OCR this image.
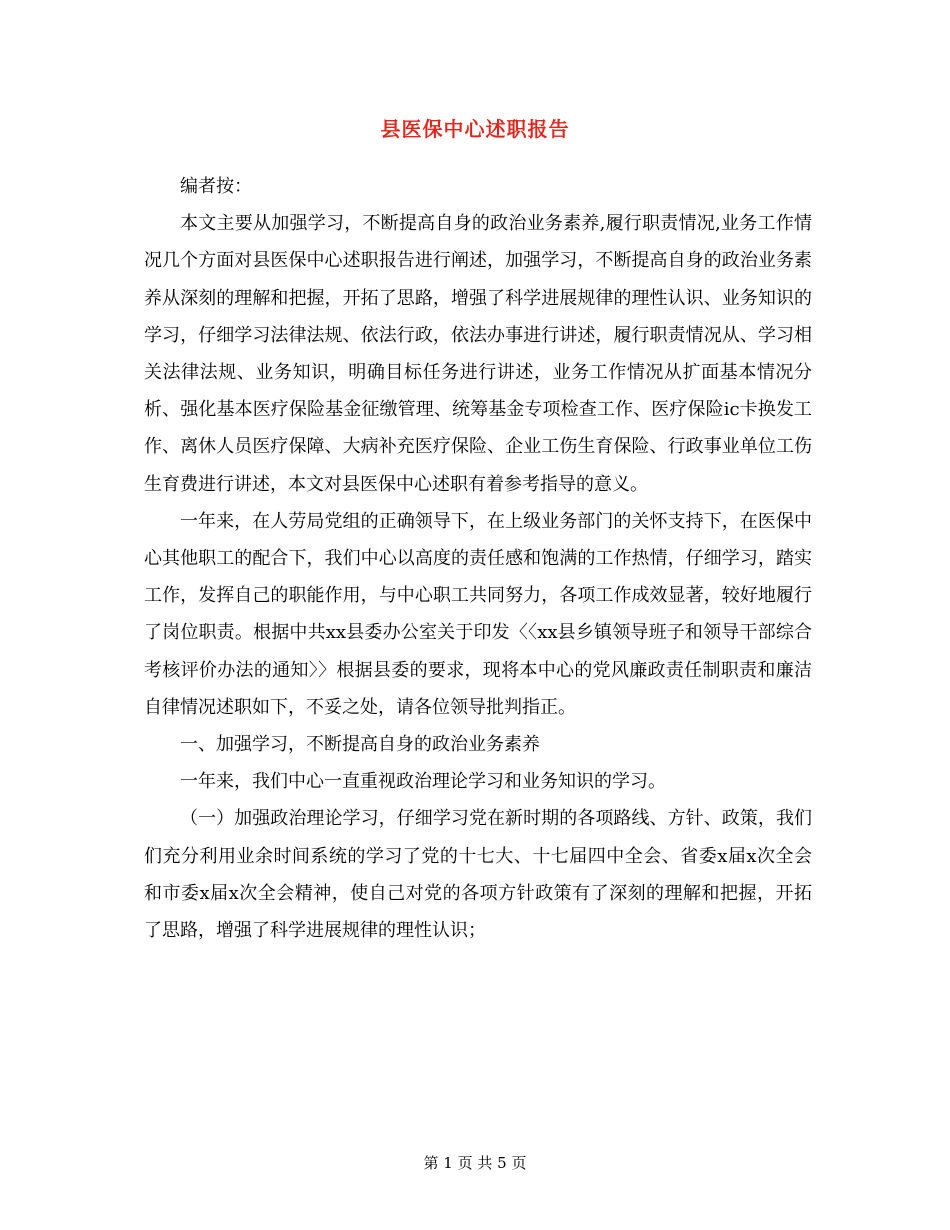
县医保中心述职报告

编者按：

本文主要从加强学习，不断提高自身的政治业务素养,履行职责情况,业务工作情况几个方面对县医保中心述职报告进行阐述，加强学习，不断提高自身的政治业务素养从深刻的理解和把握，开拓了思路，增强了科学进展规律的理性认识、业务知识的学习，仔细学习法律法规、依法行政，依法办事进行讲述，履行职责情况从、学习相关法律法规、业务知识，明确目标任务进行讲述，业务工作情况从扩面基本情况分析、强化基本医疗保险基金征缴管理、统筹基金专项检查工作、医疗保险ic卡换发工作、离休人员医疗保障、大病补充医疗保险、企业工伤生育保险、行政事业单位工伤生育费进行讲述，本文对县医保中心述职有着参考指导的意义。

一年来，在人劳局党组的正确领导下，在上级业务部门的关怀支持下，在医保中心其他职工的配合下，我们中心以高度的责任感和饱满的工作热情，仔细学习，踏实工作，发挥自己的职能作用，与中心职工共同努力，各项工作成效显著，较好地履行了岗位职责。根据中共xx县委办公室关于印发〈〈xx县乡镇领导班子和领导干部综合考核评价办法的通知〉〉根据县委的要求，现将本中心的党风廉政责任制职责和廉洁自律情况述职如下，不妥之处，请各位领导批判指正。

一、加强学习，不断提高自身的政治业务素养

一年来，我们中心一直重视政治理论学习和业务知识的学习。

（一）加强政治理论学习，仔细学习党在新时期的各项路线、方针、政策，我们们充分利用业余时间系统的学习了党的十七大、十七届四中全会、省委x届x次全会和市委x届x次全会精神，使自己对党的各项方针政策有了深刻的理解和把握，开拓了思路，增强了科学进展规律的理性认识；

第 1 页 共 5 页
